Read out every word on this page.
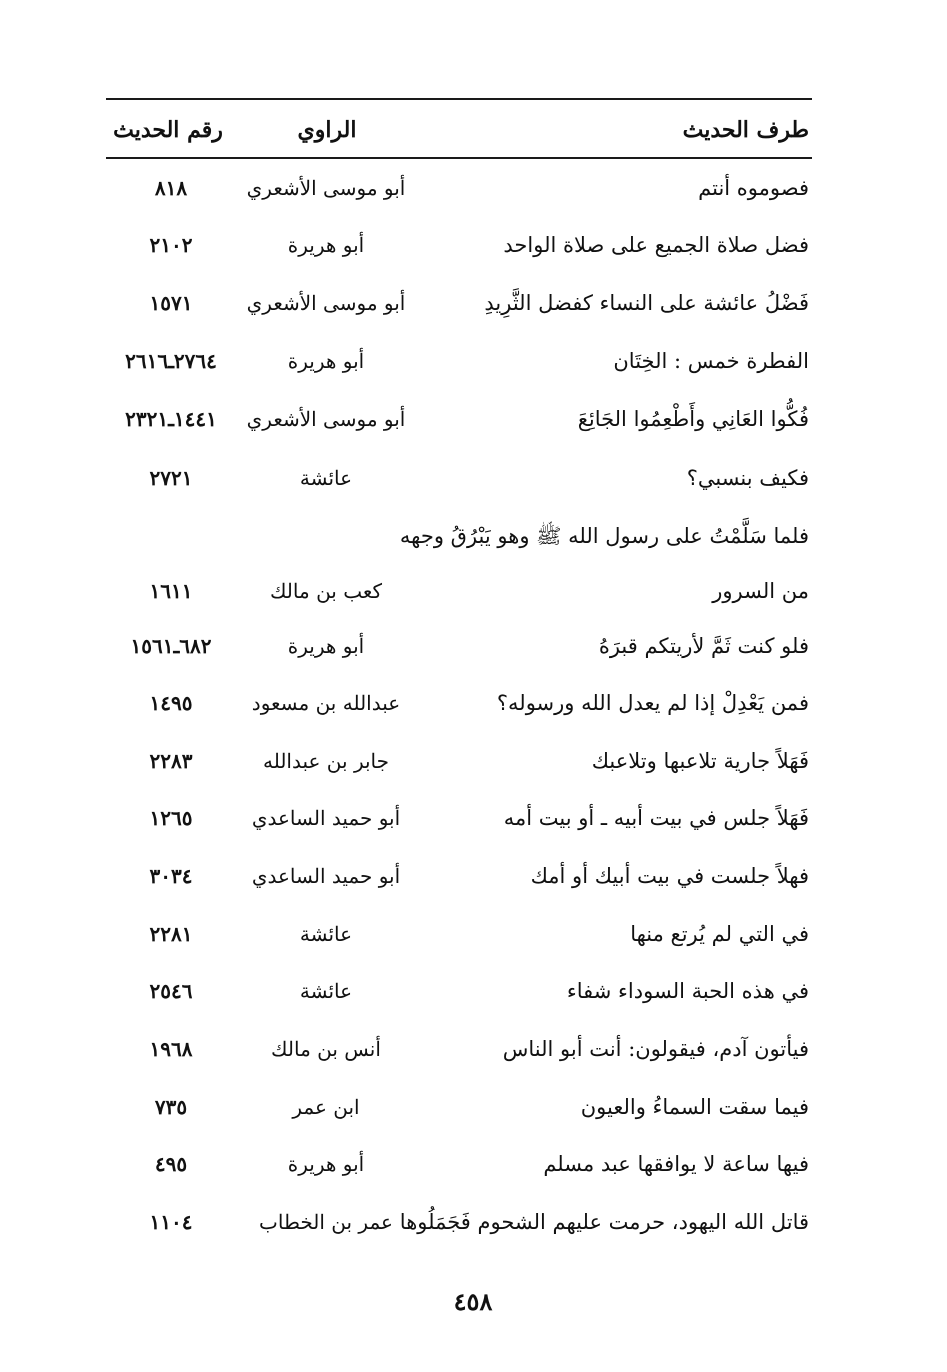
طرف الحديث
الراوي
رقم الحديث
فصوموه أنتم
أبو موسى الأشعري
٨١٨
فضل صلاة الجميع على صلاة الواحد
أبو هريرة
٢١٠٢
فَضْلُ عائشة على النساء كفضل الثَّرِيدِ
أبو موسى الأشعري
١٥٧١
الفطرة خمس : الخِتَان
أبو هريرة
٢٧٦٤ـ٢٦١٦
فُكُّوا العَانِي وأَطْعِمُوا الجَائِعَ
أبو موسى الأشعري
١٤٤١ـ٢٣٢١
فكيف بنسبي؟
عائشة
٢٧٢١
فلما سَلَّمْتُ على رسول الله ﷺ وهو يَبْرُقُ وجهه
من السرور
كعب بن مالك
١٦١١
فلو كنت ثَمَّ لأريتكم قبرَهُ
أبو هريرة
٦٨٢ـ١٥٦١
فمن يَعْدِلْ إذا لم يعدل الله ورسوله؟
عبدالله بن مسعود
١٤٩٥
فَهَلاً جارية تلاعبها وتلاعبك
جابر بن عبدالله
٢٢٨٣
فَهَلاً جلس في بيت أبيه ـ أو بيت أمه
أبو حميد الساعدي
١٢٦٥
فهلاً جلست في بيت أبيك أو أمك
أبو حميد الساعدي
٣٠٣٤
في التي لم يُرتع منها
عائشة
٢٢٨١
في هذه الحبة السوداء شفاء
عائشة
٢٥٤٦
فيأتون آدم، فيقولون: أنت أبو الناس
أنس بن مالك
١٩٦٨
فيما سقت السماءُ والعيون
ابن عمر
٧٣٥
فيها ساعة لا يوافقها عبد مسلم
أبو هريرة
٤٩٥
قاتل الله اليهود، حرمت عليهم الشحوم فَجَمَلُوها
عمر بن الخطاب
١١٠٤
٤٥٨
